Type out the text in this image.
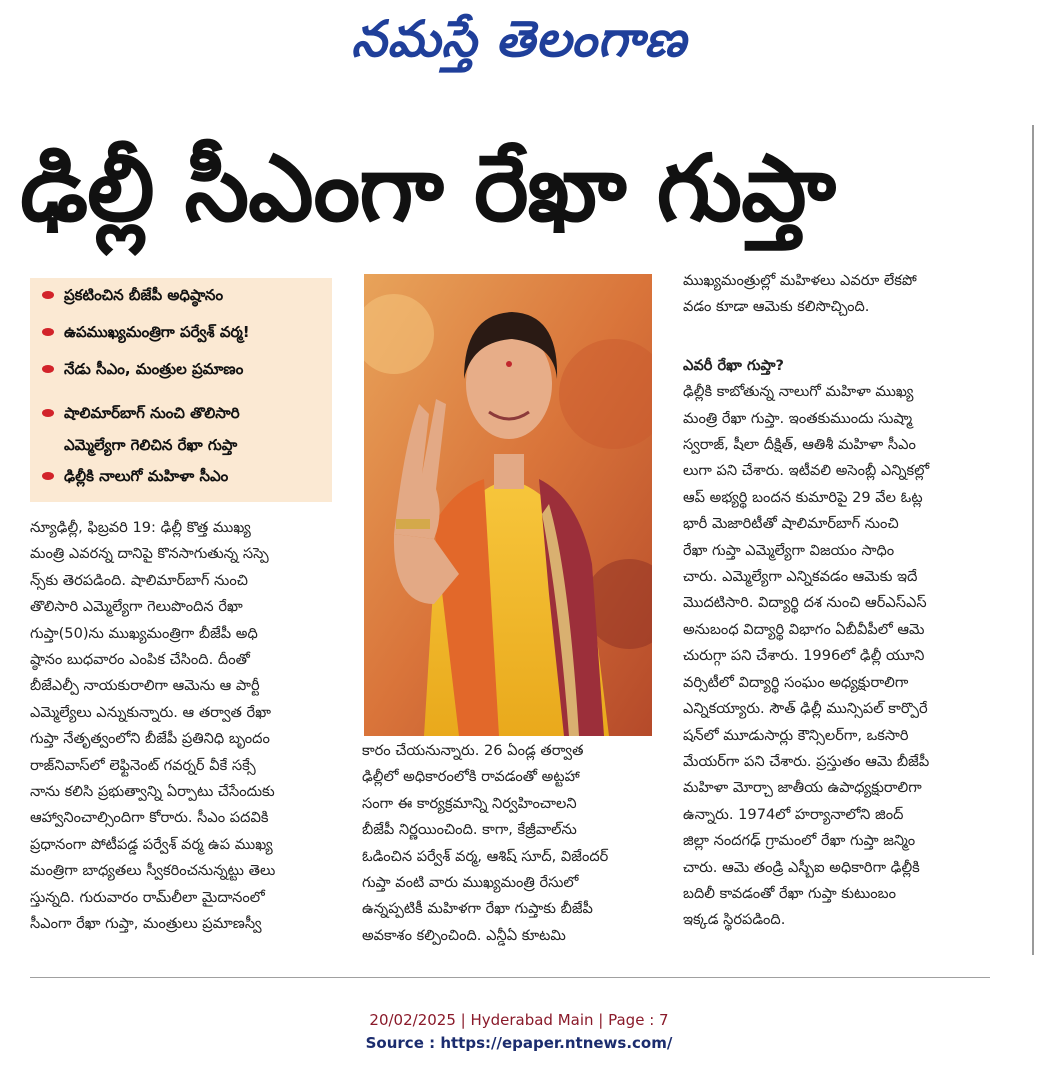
నమస్తే తెలంగాణ
ఢిల్లీ సీఎంగా రేఖా గుప్తా
ప్రకటించిన బీజేపీ అధిష్ఠానం
ఉపముఖ్యమంత్రిగా పర్వేశ్ వర్మ!
నేడు సీఎం, మంత్రుల ప్రమాణం
షాలిమార్‌బాగ్ నుంచి తొలిసారి
ఎమ్మెల్యేగా గెలిచిన రేఖా గుప్తా
ఢిల్లీకి నాలుగో మహిళా సీఎం

న్యూఢిల్లీ, ఫిబ్రవరి 19: ఢిల్లీ కొత్త ముఖ్య

మంత్రి ఎవరన్న దానిపై కొనసాగుతున్న సస్పె

న్స్‌కు తెరపడింది. షాలిమార్‌బాగ్ నుంచి

తొలిసారి ఎమ్మెల్యేగా గెలుపొందిన రేఖా

గుప్తా(50)ను ముఖ్యమంత్రిగా బీజేపీ అధి

ష్ఠానం బుధవారం ఎంపిక చేసింది. దీంతో

బీజేఎల్పీ నాయకురాలిగా ఆమెను ఆ పార్టీ

ఎమ్మెల్యేలు ఎన్నుకున్నారు. ఆ తర్వాత రేఖా

గుప్తా నేతృత్వంలోని బీజేపీ ప్రతినిధి బృందం

రాజ్‌నివాస్‌లో లెఫ్టినెంట్ గవర్నర్ వీకే సక్సే

నాను కలిసి ప్రభుత్వాన్ని ఏర్పాటు చేసేందుకు

ఆహ్వానించాల్సిందిగా కోరారు. సీఎం పదవికి

ప్రధానంగా పోటీపడ్డ పర్వేశ్ వర్మ ఉప ముఖ్య

మంత్రిగా బాధ్యతలు స్వీకరించనున్నట్టు తెలు

స్తున్నది. గురువారం రామ్‌లీలా మైదానంలో

సీఎంగా రేఖా గుప్తా, మంత్రులు ప్రమాణస్వీ

కారం చేయనున్నారు. 26 ఏండ్ల తర్వాత

ఢిల్లీలో అధికారంలోకి రావడంతో అట్టహా

సంగా ఈ కార్యక్రమాన్ని నిర్వహించాలని

బీజేపీ నిర్ణయించింది. కాగా, కేజ్రీవాల్‌ను

ఓడించిన పర్వేశ్ వర్మ, ఆశిష్ సూద్, విజేందర్

గుప్తా వంటి వారు ముఖ్యమంత్రి రేసులో

ఉన్నప్పటికీ మహిళగా రేఖా గుప్తాకు బీజేపీ

అవకాశం కల్పించింది. ఎన్డీఏ కూటమి

ముఖ్యమంత్రుల్లో మహిళలు ఎవరూ లేకపో

వడం కూడా ఆమెకు కలిసొచ్చింది.

ఎవరీ రేఖా గుప్తా?

ఢిల్లీకి కాబోతున్న నాలుగో మహిళా ముఖ్య

మంత్రి రేఖా గుప్తా. ఇంతకుముందు సుష్మా

స్వరాజ్, షీలా దీక్షిత్, ఆతిశీ మహిళా సీఎం

లుగా పని చేశారు. ఇటీవలి అసెంబ్లీ ఎన్నికల్లో

ఆప్ అభ్యర్థి బందన కుమారిపై 29 వేల ఓట్ల

భారీ మెజారిటీతో షాలిమార్‌బాగ్ నుంచి

రేఖా గుప్తా ఎమ్మెల్యేగా విజయం సాధిం

చారు. ఎమ్మెల్యేగా ఎన్నికవడం ఆమెకు ఇదే

మొదటిసారి. విద్యార్థి దశ నుంచి ఆర్‌ఎస్‌ఎస్

అనుబంధ విద్యార్థి విభాగం ఏబీవీపీలో ఆమె

చురుగ్గా పని చేశారు. 1996లో ఢిల్లీ యూని

వర్సిటీలో విద్యార్థి సంఘం అధ్యక్షురాలిగా

ఎన్నికయ్యారు. సౌత్ ఢిల్లీ మున్సిపల్ కార్పొరే

షన్‌లో మూడుసార్లు కౌన్సిలర్‌గా, ఒకసారి

మేయర్‌గా పని చేశారు. ప్రస్తుతం ఆమె బీజేపీ

మహిళా మోర్చా జాతీయ ఉపాధ్యక్షురాలిగా

ఉన్నారు. 1974లో హర్యానాలోని జింద్

జిల్లా నందగఢ్ గ్రామంలో రేఖా గుప్తా జన్మిం

చారు. ఆమె తండ్రి ఎస్బీఐ అధికారిగా ఢిల్లీకి

బదిలీ కావడంతో రేఖా గుప్తా కుటుంబం

ఇక్కడ స్థిరపడింది.

20/02/2025 | Hyderabad Main | Page : 7
Source : https://epaper.ntnews.com/
